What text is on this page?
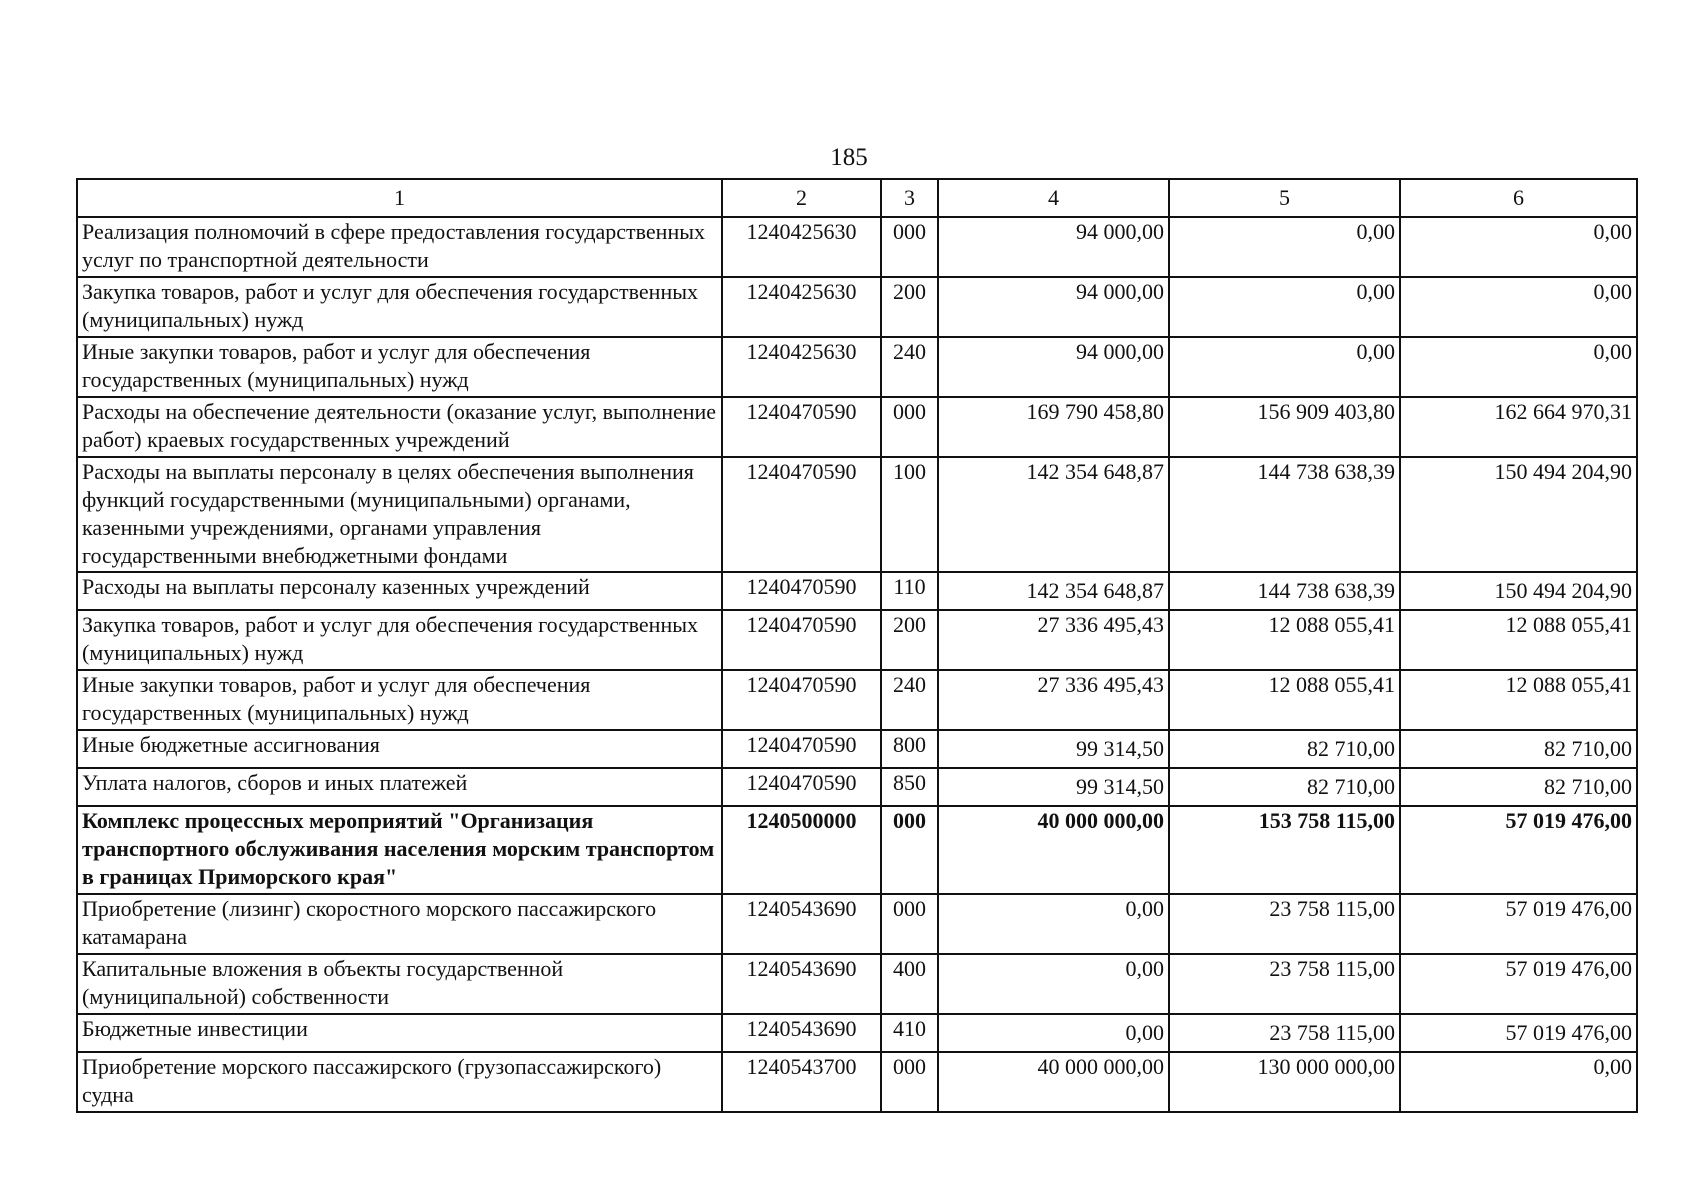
185
1	2	3	4	5	6
Реализация полномочий в сфере предоставления государственных услуг по транспортной деятельности	1240425630	000	94 000,00	0,00	0,00
Закупка товаров, работ и услуг для обеспечения государственных (муниципальных) нужд	1240425630	200	94 000,00	0,00	0,00
Иные закупки товаров, работ и услуг для обеспечения государственных (муниципальных) нужд	1240425630	240	94 000,00	0,00	0,00
Расходы на обеспечение деятельности (оказание услуг, выполнение работ) краевых государственных учреждений	1240470590	000	169 790 458,80	156 909 403,80	162 664 970,31
Расходы на выплаты персоналу в целях обеспечения выполнения функций государственными (муниципальными) органами, казенными учреждениями, органами управления государственными внебюджетными фондами	1240470590	100	142 354 648,87	144 738 638,39	150 494 204,90
Расходы на выплаты персоналу казенных учреждений	1240470590	110	142 354 648,87	144 738 638,39	150 494 204,90
Закупка товаров, работ и услуг для обеспечения государственных (муниципальных) нужд	1240470590	200	27 336 495,43	12 088 055,41	12 088 055,41
Иные закупки товаров, работ и услуг для обеспечения государственных (муниципальных) нужд	1240470590	240	27 336 495,43	12 088 055,41	12 088 055,41
Иные бюджетные ассигнования	1240470590	800	99 314,50	82 710,00	82 710,00
Уплата налогов, сборов и иных платежей	1240470590	850	99 314,50	82 710,00	82 710,00
Комплекс процессных мероприятий "Организация транспортного обслуживания населения морским транспортом в границах Приморского края"	1240500000	000	40 000 000,00	153 758 115,00	57 019 476,00
Приобретение (лизинг) скоростного морского пассажирского катамарана	1240543690	000	0,00	23 758 115,00	57 019 476,00
Капитальные вложения в объекты государственной (муниципальной) собственности	1240543690	400	0,00	23 758 115,00	57 019 476,00
Бюджетные инвестиции	1240543690	410	0,00	23 758 115,00	57 019 476,00
Приобретение морского пассажирского (грузопассажирского) судна	1240543700	000	40 000 000,00	130 000 000,00	0,00
